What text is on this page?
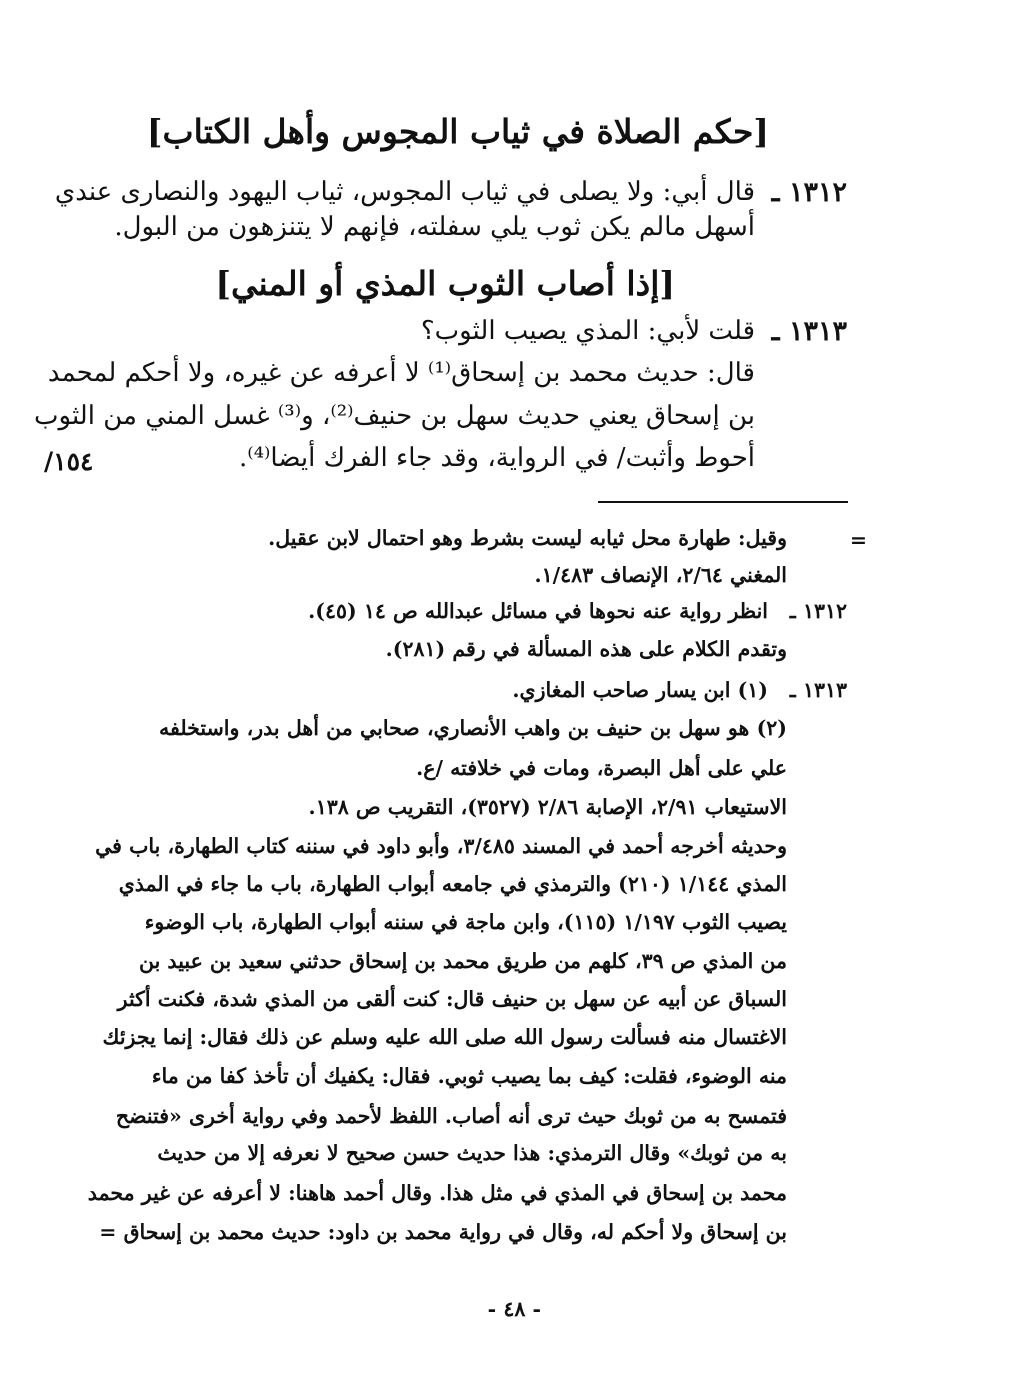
[حكم الصلاة في ثياب المجوس وأهل الكتاب]
١٣١٢ ـ
قال أبي: ولا يصلى في ثياب المجوس، ثياب اليهود والنصارى عندي
أسهل مالم يكن ثوب يلي سفلته، فإنهم لا يتنزهون من البول.
[إذا أصاب الثوب المذي أو المني]
١٣١٣ ـ
قلت لأبي: المذي يصيب الثوب؟
قال: حديث محمد بن إسحاق⁽¹⁾ لا أعرفه عن غيره، ولا أحكم لمحمد
بن إسحاق يعني حديث سهل بن حنيف⁽²⁾، و⁽³⁾ غسل المني من الثوب
أحوط وأثبت/ في الرواية، وقد جاء الفرك أيضا⁽⁴⁾.
/١٥٤
=
وقيل: طهارة محل ثيابه ليست بشرط وهو احتمال لابن عقيل.
المغني ٢/٦٤، الإنصاف ١/٤٨٣.
١٣١٢ ـ
انظر رواية عنه نحوها في مسائل عبدالله ص ١٤ (٤٥).
وتقدم الكلام على هذه المسألة في رقم (٢٨١).
١٣١٣ ـ
(١) ابن يسار صاحب المغازي.
(٢) هو سهل بن حنيف بن واهب الأنصاري، صحابي من أهل بدر، واستخلفه
علي على أهل البصرة، ومات في خلافته /ع.
الاستيعاب ٢/٩١، الإصابة ٢/٨٦ (٣٥٢٧)، التقريب ص ١٣٨.
وحديثه أخرجه أحمد في المسند ٣/٤٨٥، وأبو داود في سننه كتاب الطهارة، باب في
المذي ١/١٤٤ (٢١٠) والترمذي في جامعه أبواب الطهارة، باب ما جاء في المذي
يصيب الثوب ١/١٩٧ (١١٥)، وابن ماجة في سننه أبواب الطهارة، باب الوضوء
من المذي ص ٣٩، كلهم من طريق محمد بن إسحاق حدثني سعيد بن عبيد بن
السباق عن أبيه عن سهل بن حنيف قال: كنت ألقى من المذي شدة، فكنت أكثر
الاغتسال منه فسألت رسول الله صلى الله عليه وسلم عن ذلك فقال: إنما يجزئك
منه الوضوء، فقلت: كيف بما يصيب ثوبي. فقال: يكفيك أن تأخذ كفا من ماء
فتمسح به من ثوبك حيث ترى أنه أصاب. اللفظ لأحمد وفي رواية أخرى «فتنضح
به من ثوبك» وقال الترمذي: هذا حديث حسن صحيح لا نعرفه إلا من حديث
محمد بن إسحاق في المذي في مثل هذا. وقال أحمد هاهنا: لا أعرفه عن غير محمد
بن إسحاق ولا أحكم له، وقال في رواية محمد بن داود: حديث محمد بن إسحاق =
- ٤٨ -
